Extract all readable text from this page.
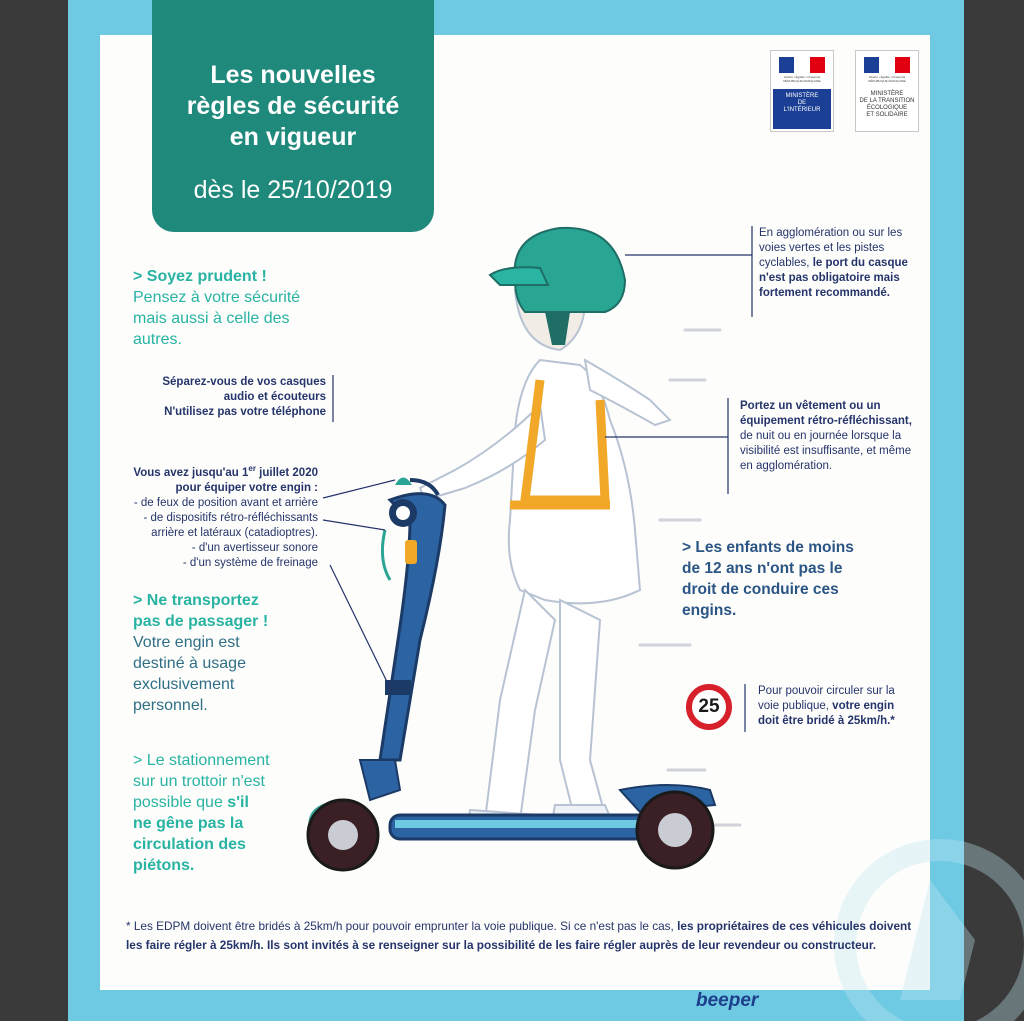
Les nouvelles
règles de sécurité
en vigueur
dès le 25/10/2019
Liberté • Égalité • Fraternité RÉPUBLIQUE FRANÇAISE
MINISTÈRE
DE
L'INTÉRIEUR
Liberté • Égalité • Fraternité RÉPUBLIQUE FRANÇAISE
MINISTÈRE
DE LA TRANSITION
ÉCOLOGIQUE
ET SOLIDAIRE
En agglomération ou sur les voies vertes et les pistes cyclables, le port du casque n'est pas obligatoire mais fortement recommandé.
> Soyez prudent !
Pensez à votre sécurité
mais aussi à celle des
autres.
Séparez-vous de vos casques
audio et écouteurs
N'utilisez pas votre téléphone
Vous avez jusqu'au 1er juillet 2020
pour équiper votre engin :
- de feux de position avant et arrière
- de dispositifs rétro-réfléchissants
arrière et latéraux (catadioptres).
- d'un avertisseur sonore
- d'un système de freinage
Portez un vêtement ou un équipement rétro-réfléchissant, de nuit ou en journée lorsque la visibilité est insuffisante, et même en agglomération.
> Les enfants de moins
de 12 ans n'ont pas le
droit de conduire ces
engins.
> Ne transportez
pas de passager !
Votre engin est
destiné à usage
exclusivement
personnel.	25
Pour pouvoir circuler sur la voie publique, votre engin doit être bridé à 25km/h.*
> Le stationnement
sur un trottoir n'est
possible que s'il
ne gêne pas la
circulation des
piétons.
* Les EDPM doivent être bridés à 25km/h pour pouvoir emprunter la voie publique. Si ce n'est pas le cas, les propriétaires de ces véhicules doivent les faire régler à 25km/h. Ils sont invités à se renseigner sur la possibilité de les faire régler auprès de leur revendeur ou constructeur.
beeper
